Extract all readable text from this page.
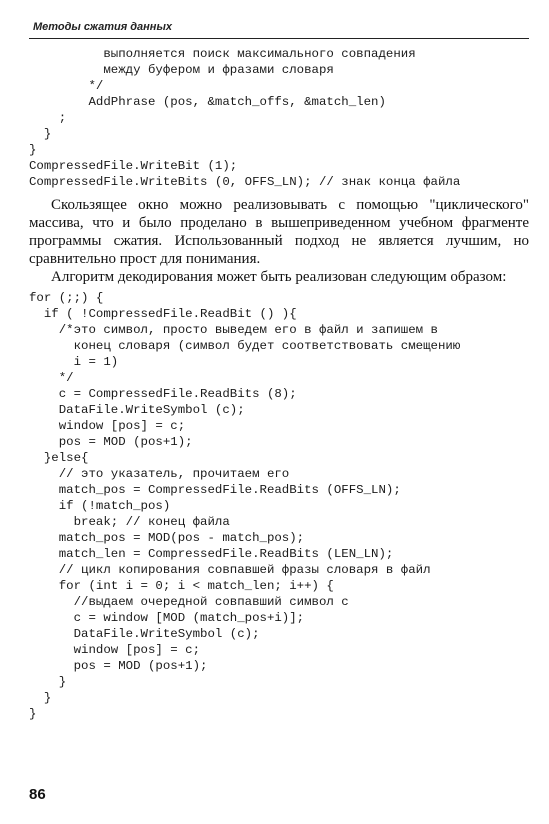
Методы сжатия данных
выполняется поиск максимального совпадения
между буфером и фразами словаря
*/
AddPhrase (pos, &match_offs, &match_len)
;
}
}
CompressedFile.WriteBit (1);
CompressedFile.WriteBits (0, OFFS_LN); // знак конца файла

Скользящее окно можно реализовывать с помощью "циклического" массива, что и было проделано в вышеприведенном учебном фрагменте программы сжатия. Использованный подход не является лучшим, но сравнительно прост для понимания.

Алгоритм декодирования может быть реализован следующим образом:

for (;;) {
if ( !CompressedFile.ReadBit () ){
/*это символ, просто выведем его в файл и запишем в
конец словаря (символ будет соответствовать смещению
i = 1)
*/
c = CompressedFile.ReadBits (8);
DataFile.WriteSymbol (c);
window [pos] = c;
pos = MOD (pos+1);
}else{
// это указатель, прочитаем его
match_pos = CompressedFile.ReadBits (OFFS_LN);
if (!match_pos)
break; // конец файла
match_pos = MOD(pos - match_pos);
match_len = CompressedFile.ReadBits (LEN_LN);
// цикл копирования совпавшей фразы словаря в файл
for (int i = 0; i < match_len; i++) {
//выдаем очередной совпавший символ с
c = window [MOD (match_pos+i)];
DataFile.WriteSymbol (c);
window [pos] = c;
pos = MOD (pos+1);
}
}
}
86
